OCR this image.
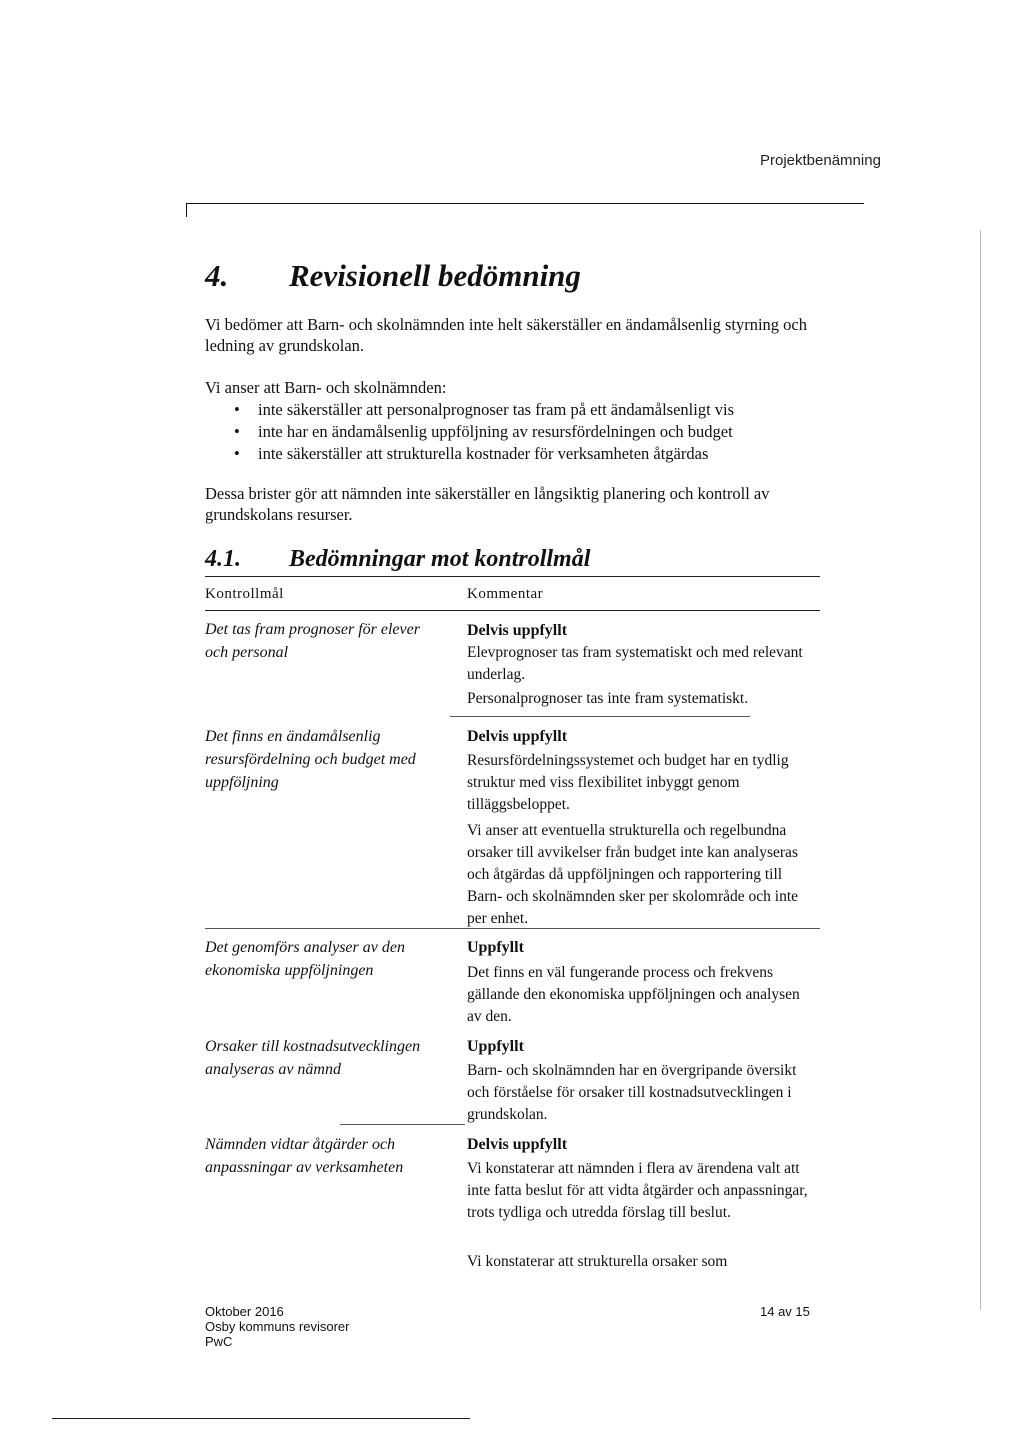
Projektbenämning
4. Revisionell bedömning
Vi bedömer att Barn- och skolnämnden inte helt säkerställer en ändamålsenlig styrning och ledning av grundskolan.
Vi anser att Barn- och skolnämnden:
• inte säkerställer att personalprognoser tas fram på ett ändamålsenligt vis
• inte har en ändamålsenlig uppföljning av resursfördelningen och budget
• inte säkerställer att strukturella kostnader för verksamheten åtgärdas
Dessa brister gör att nämnden inte säkerställer en långsiktig planering och kontroll av grundskolans resurser.
4.1. Bedömningar mot kontrollmål
Kontrollmål	Kommentar
Det tas fram prognoser för elever och personal
Delvis uppfyllt
Elevprognoser tas fram systematiskt och med relevant underlag.
Personalprognoser tas inte fram systematiskt.
Det finns en ändamålsenlig resursfördelning och budget med uppföljning
Delvis uppfyllt
Resursfördelningssystemet och budget har en tydlig struktur med viss flexibilitet inbyggt genom tilläggsbeloppet.
Vi anser att eventuella strukturella och regelbundna orsaker till avvikelser från budget inte kan analyseras och åtgärdas då uppföljningen och rapportering till Barn- och skolnämnden sker per skolområde och inte per enhet.
Det genomförs analyser av den ekonomiska uppföljningen
Uppfyllt
Det finns en väl fungerande process och frekvens gällande den ekonomiska uppföljningen och analysen av den.
Orsaker till kostnadsutvecklingen analyseras av nämnd
Uppfyllt
Barn- och skolnämnden har en övergripande översikt och förståelse för orsaker till kostnadsutvecklingen i grundskolan.
Nämnden vidtar åtgärder och anpassningar av verksamheten
Delvis uppfyllt
Vi konstaterar att nämnden i flera av ärendena valt att inte fatta beslut för att vidta åtgärder och anpassningar, trots tydliga och utredda förslag till beslut.
Vi konstaterar att strukturella orsaker som
Oktober 2016
Osby kommuns revisorer
PwC
14 av 15
